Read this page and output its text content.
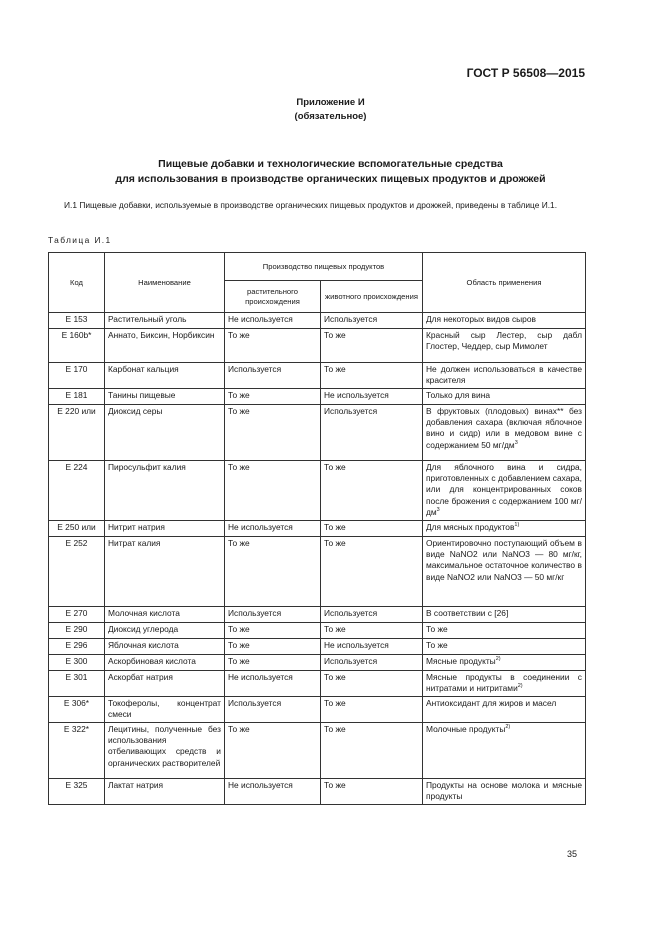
ГОСТ Р 56508—2015
Приложение И
(обязательное)
Пищевые добавки и технологические вспомогательные средства
для использования в производстве органических пищевых продуктов и дрожжей
И.1 Пищевые добавки, используемые в производстве органических пищевых продуктов и дрожжей, приведены в таблице И.1.
Таблица И.1
Код	Наименование	Производство пищевых продуктов		Область применения
		растительного происхождения	животного происхождения	
E 153	Растительный уголь	Не используется	Используется	Для некоторых видов сыров
E 160b*	Аннато, Биксин, Норбиксин	То же	То же	Красный сыр Лестер, сыр дабл Глостер, Чеддер, сыр Мимолет
E 170	Карбонат кальция	Используется	То же	Не должен использоваться в качестве красителя
E 181	Танины пищевые	То же	Не используется	Только для вина
E 220 или	Диоксид серы	То же	Используется	В фруктовых (плодовых) винах** без добавления сахара (включая яблочное вино и сидр) или в медовом вине с содержанием 50 $мг/дм^3$
E 224	Пиросульфит калия	То же	То же	Для яблочного вина и сидра, приготовленных с добавлением сахара, или для концентрированных соков после брожения с содержанием 100 $мг/дм^3$
E 250 или	Нитрит натрия	Не используется	То же	Для мясных продуктов$^{1)}$
E 252	Нитрат калия	То же	То же	Ориентировочно поступающий объем в виде NaNO2 или NaNO3 — 80 мг/кг, максимальное остаточное количество в виде NaNO2 или NaNO3 — 50 мг/кг
E 270	Молочная кислота	Используется	Используется	В соответствии с [26]
E 290	Диоксид углерода	То же	То же	То же
E 296	Яблочная кислота	То же	Не используется	То же
E 300	Аскорбиновая кислота	То же	Используется	Мясные продукты$^{2)}$
E 301	Аскорбат натрия	Не используется	То же	Мясные продукты в соединении с нитратами и нитритами$^{2)}$
E 306*	Токоферолы, концентрат смеси	Используется	То же	Антиоксидант для жиров и масел
E 322*	Лецитины, полученные без использования отбеливающих средств и органических растворителей	То же	То же	Молочные продукты$^{2)}$
E 325	Лактат натрия	Не используется	То же	Продукты на основе молока и мясные продукты
35
